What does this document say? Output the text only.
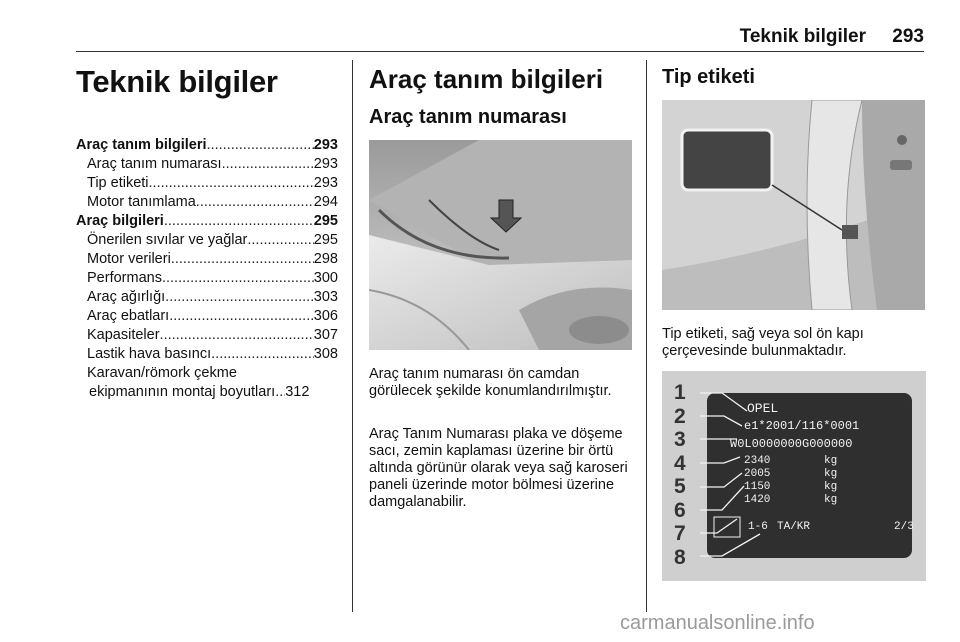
Teknik bilgiler 293
Teknik bilgiler
Araç tanım bilgileri .....	293
Araç tanım numarası .....	293
Tip etiketi .....	293
Motor tanımlama .....	294
Araç bilgileri .....	295
Önerilen sıvılar ve yağlar .....	295
Motor verileri .....	298
Performans .....	300
Araç ağırlığı .....	303
Araç ebatları .....	306
Kapasiteler .....	307
Lastik hava basıncı .....	308
Karavan/römork çekme
ekipmanının montaj boyutları ..... 312
Araç tanım bilgileri
Araç tanım numarası

Araç tanım numarası ön camdan görülecek şekilde konumlandırılmıştır.

Araç Tanım Numarası plaka ve döşeme sacı, zemin kaplaması üzerine bir örtü altında görünür olarak veya sağ karoseri paneli üzerinde motor bölmesi üzerine damgalanabilir.

Tip etiketi

Tip etiketi, sağ veya sol ön kapı çerçevesinde bulunmaktadır.

1
2
3
4
5
6
7
8
OPEL
e1*2001/116*0001
W0L0000000G000000
2340	kg
2005	kg
1150	kg
1420	kg
1-6 TA/KR	2/3
carmanualsonline.info
